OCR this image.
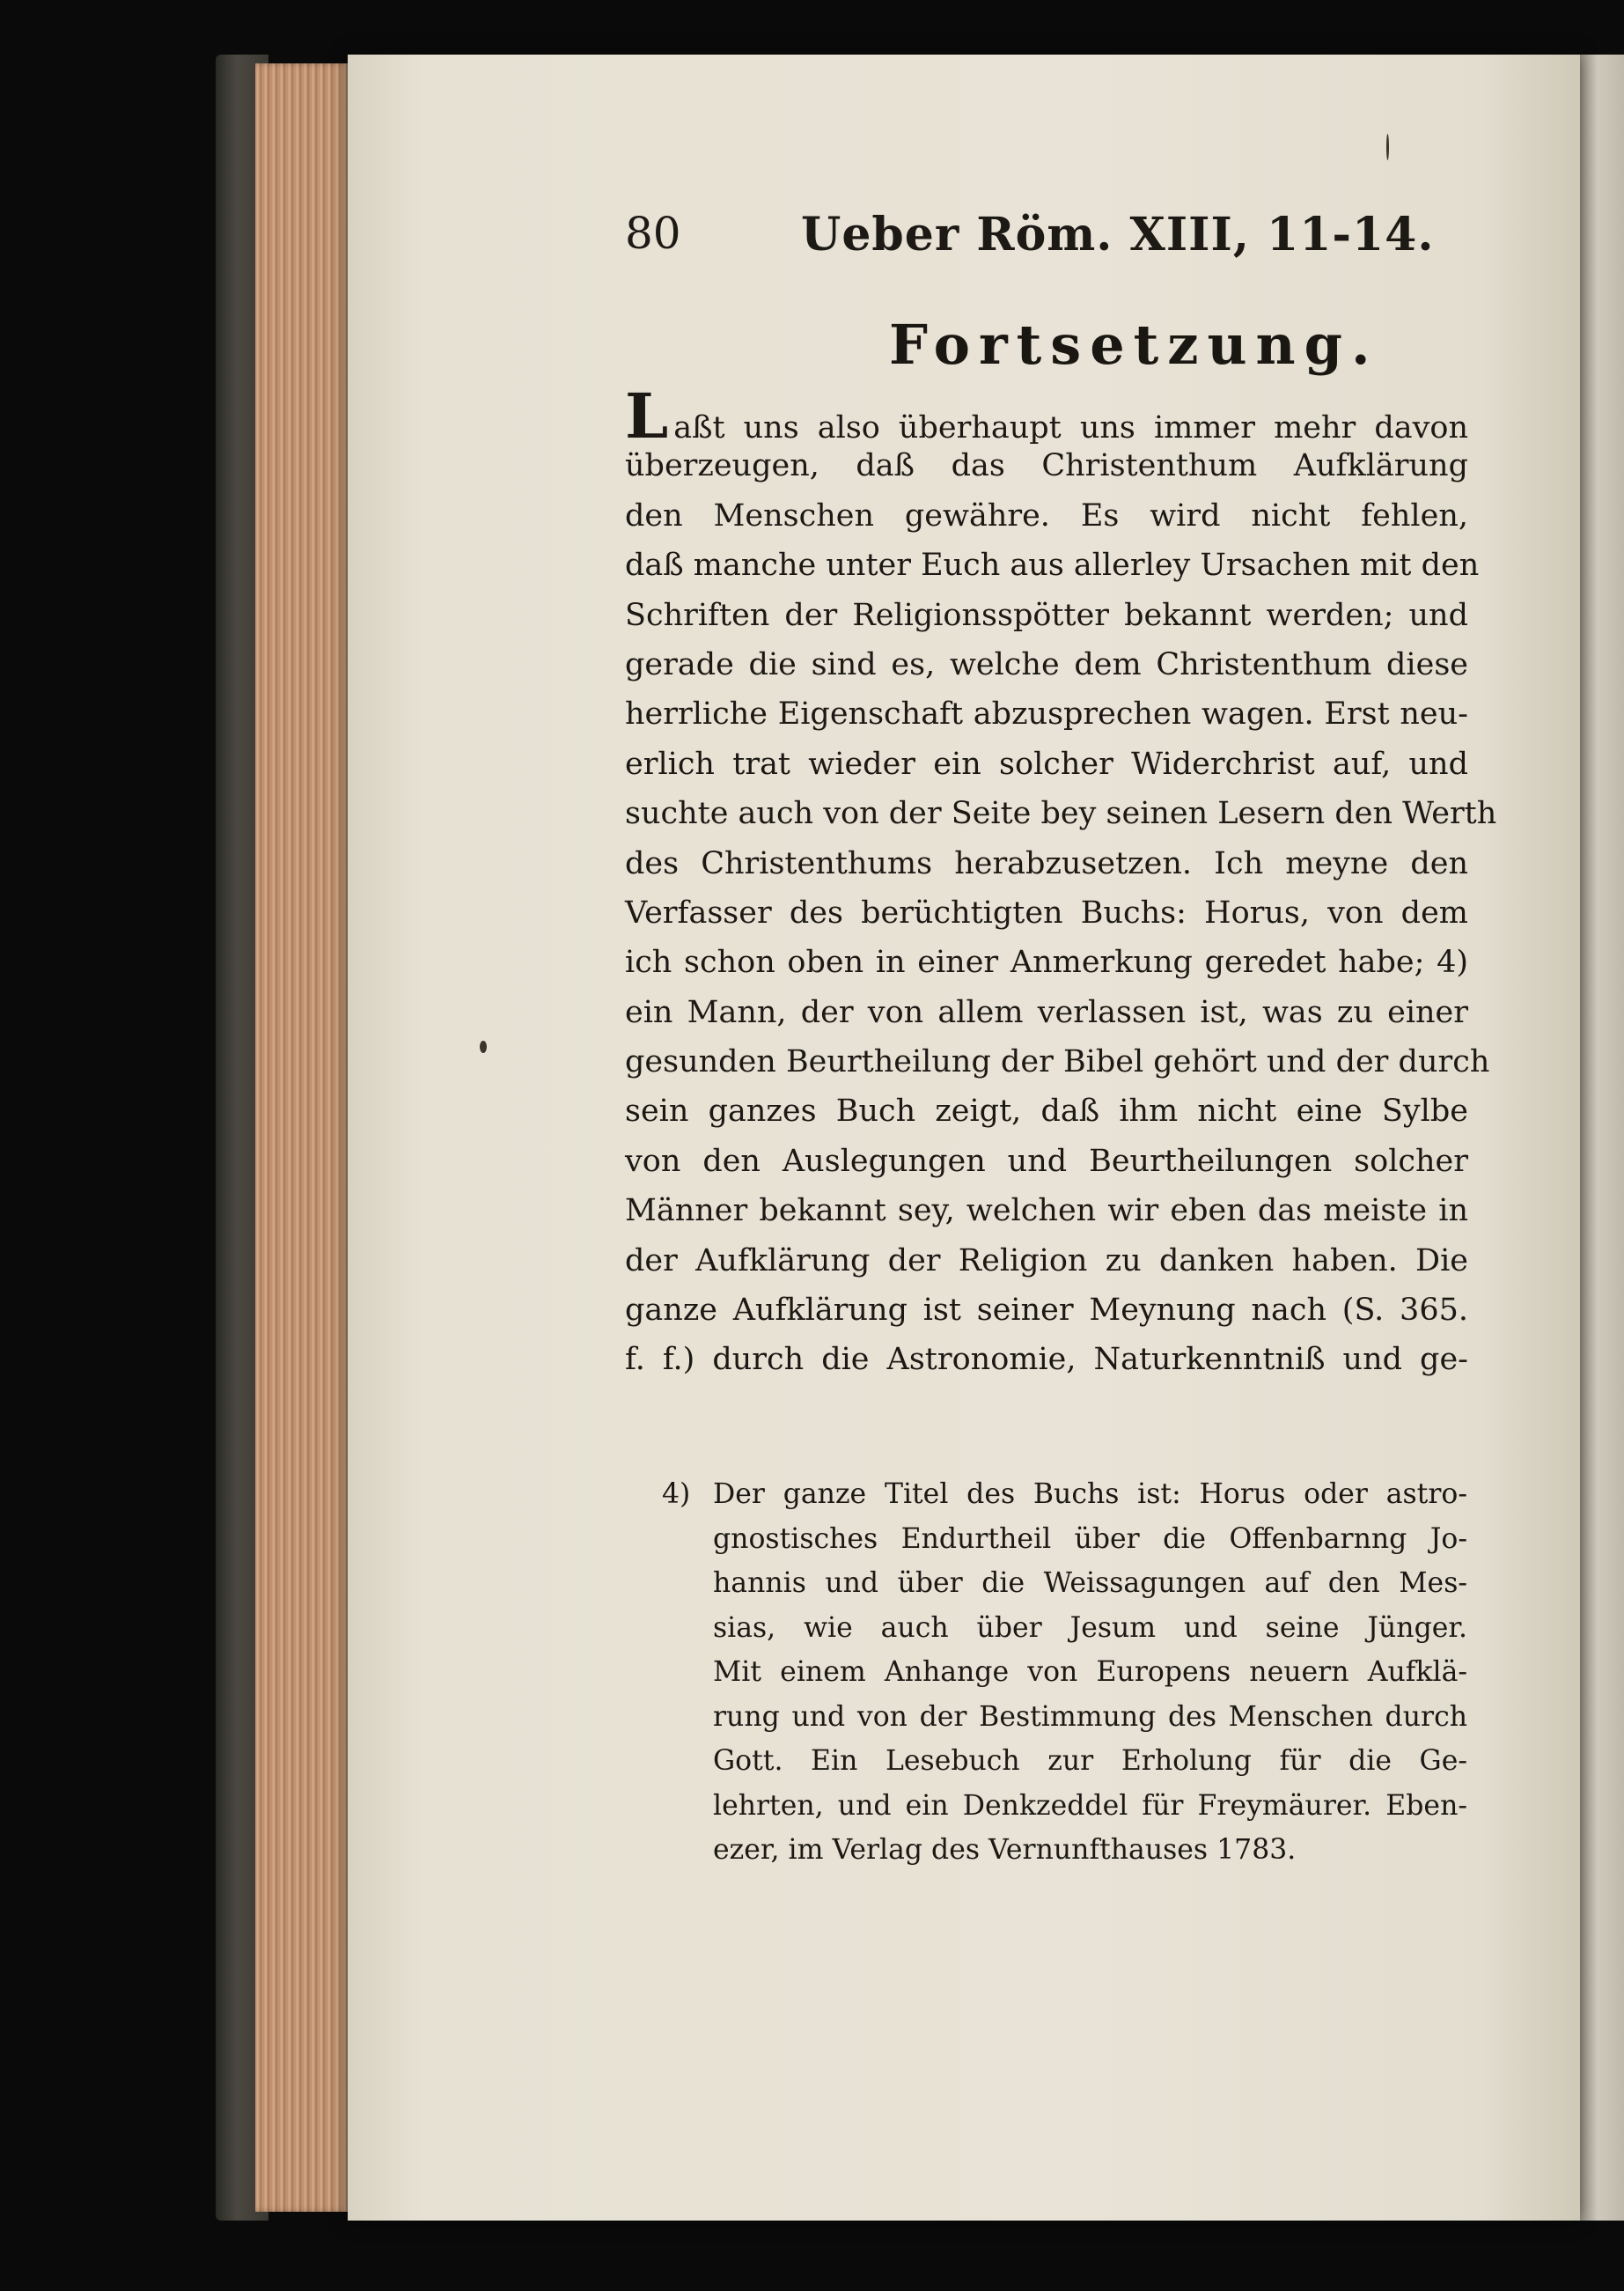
80	Ueber Röm. XIII, 11-14.
Fortsetzung.
Laßt uns also überhaupt uns immer mehr davon
überzeugen, daß das Christenthum Aufklärung
den Menschen gewähre. Es wird nicht fehlen,
daß manche unter Euch aus allerley Ursachen mit den
Schriften der Religionsspötter bekannt werden; und
gerade die sind es, welche dem Christenthum diese
herrliche Eigenschaft abzusprechen wagen. Erst neu-
erlich trat wieder ein solcher Widerchrist auf, und
suchte auch von der Seite bey seinen Lesern den Werth
des Christenthums herabzusetzen. Ich meyne den
Verfasser des berüchtigten Buchs: Horus, von dem
ich schon oben in einer Anmerkung geredet habe; 4)
ein Mann, der von allem verlassen ist, was zu einer
gesunden Beurtheilung der Bibel gehört und der durch
sein ganzes Buch zeigt, daß ihm nicht eine Sylbe
von den Auslegungen und Beurtheilungen solcher
Männer bekannt sey, welchen wir eben das meiste in
der Aufklärung der Religion zu danken haben. Die
ganze Aufklärung ist seiner Meynung nach (S. 365.
f. f.) durch die Astronomie, Naturkenntniß und ge-
4) Der ganze Titel des Buchs ist: Horus oder astro-
gnostisches Endurtheil über die Offenbarnng Jo-
hannis und über die Weissagungen auf den Mes-
sias, wie auch über Jesum und seine Jünger.
Mit einem Anhange von Europens neuern Aufklä-
rung und von der Bestimmung des Menschen durch
Gott. Ein Lesebuch zur Erholung für die Ge-
lehrten, und ein Denkzeddel für Freymäurer. Eben-
ezer, im Verlag des Vernunfthauses 1783.
